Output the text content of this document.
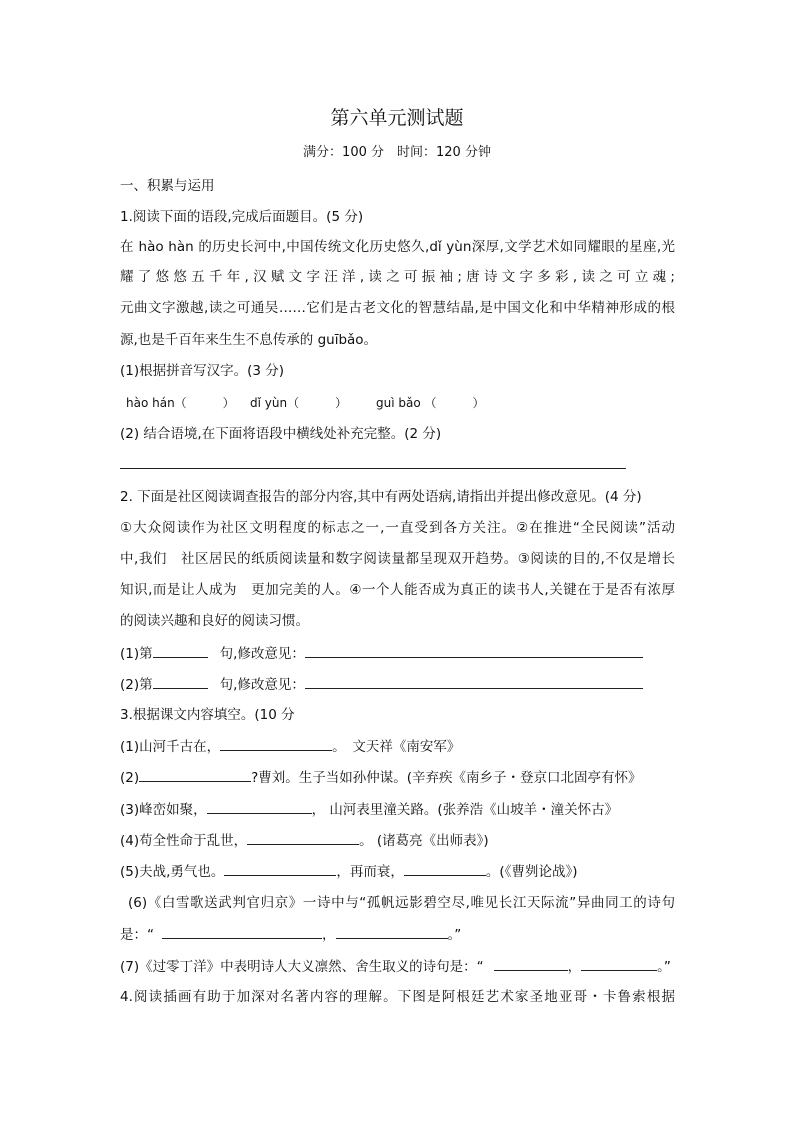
第六单元测试题
满分：100 分　时间：120 分钟
一、积累与运用
1.阅读下面的语段,完成后面题目。(5 分)
在 hào hàn 的历史长河中,中国传统文化历史悠久,dǐ yùn深厚,文学艺术如同耀眼的星座,光
耀了悠悠五千年,汉赋文字汪洋,读之可振袖;唐诗文字多彩,读之可立魂;
元曲文字激越,读之可通吴……它们是古老文化的智慧结晶,是中国文化和中华精神形成的根
源,也是千百年来生生不息传承的 guībǎo。
(1)根据拼音写汉字。(3 分)
hào hán（　　　） dǐ yùn（　　　） guì bǎo （　　　）
(2) 结合语境,在下面将语段中横线处补充完整。(2 分)
2. 下面是社区阅读调查报告的部分内容,其中有两处语病,请指出并提出修改意见。(4 分)
①大众阅读作为社区文明程度的标志之一,一直受到各方关注。②在推进“全民阅读”活动
中,我们　社区居民的纸质阅读量和数字阅读量都呈现双开趋势。③阅读的目的,不仅是增长
知识,而是让人成为　更加完美的人。④一个人能否成为真正的读书人,关键在于是否有浓厚
的阅读兴趣和良好的阅读习惯。
(1)第	句,修改意见：
(2)第	句,修改意见：
3.根据课文内容填空。(10 分
(1)山河千古在，	。　文天祥《南安军》
(2)	?曹刘。生子当如孙仲谋。(辛弃疾《南乡子・登京口北固亭有怀》
(3)峰峦如聚，	， 山河表里潼关路。(张养浩《山坡羊・潼关怀古》
(4)苟全性命于乱世，	。 (诸葛亮《出师表》)
(5)夫战,勇气也。	，再而衰，	。(《曹刿论战》)
(6)《白雪歌送武判官归京》一诗中与“孤帆远影碧空尽,唯见长江天际流”异曲同工的诗句
是：“	，	。”
(7)《过零丁洋》中表明诗人大义凛然、舍生取义的诗句是：“	，	。”
4.阅读插画有助于加深对名著内容的理解。下图是阿根廷艺术家圣地亚哥・卡鲁索根据
